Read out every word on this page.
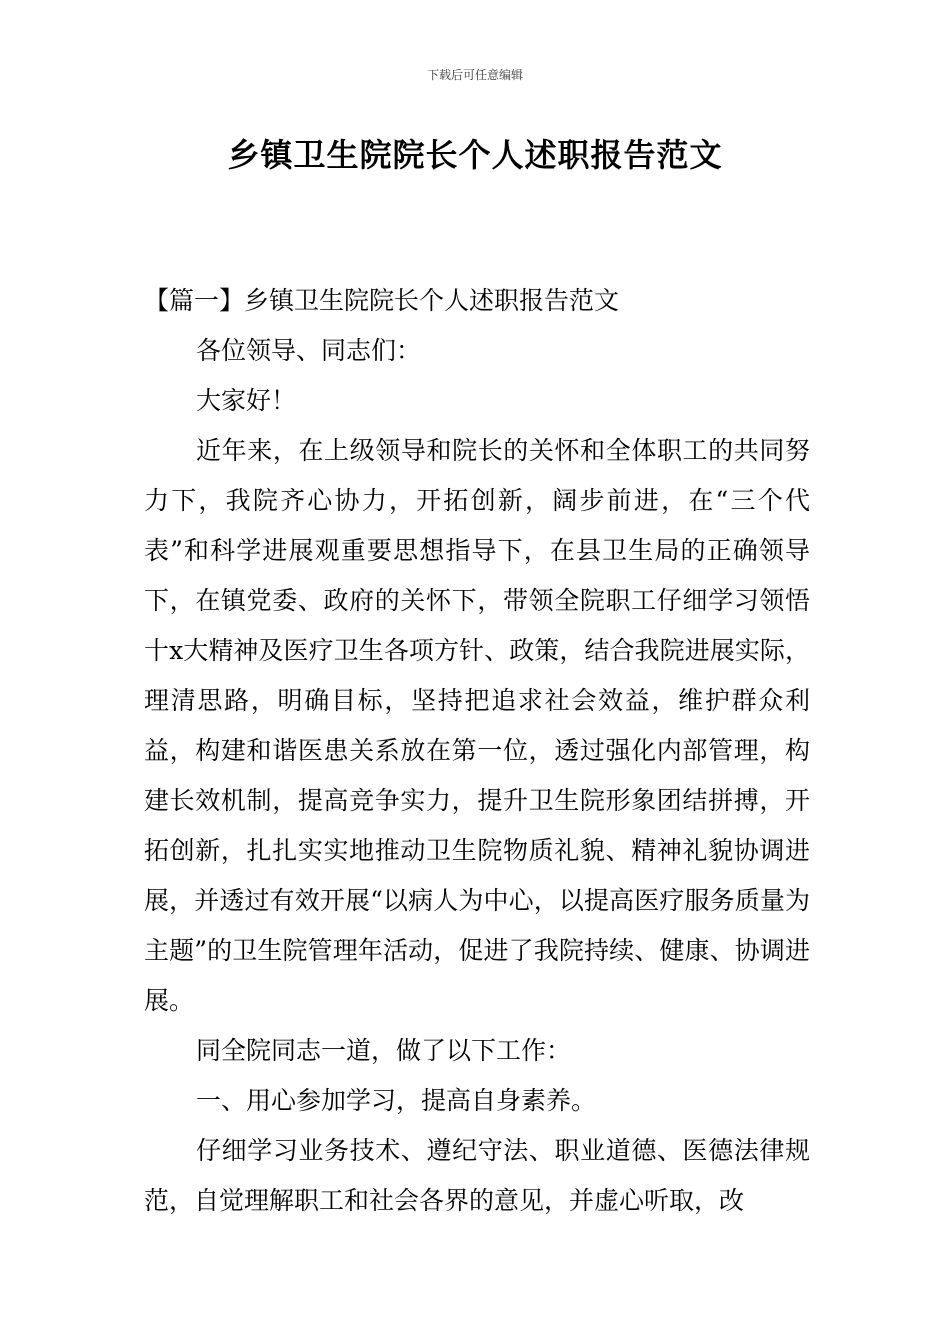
下载后可任意编辑
乡镇卫生院院长个人述职报告范文

【篇一】乡镇卫生院院长个人述职报告范文

各位领导、同志们：

大家好！

近年来，在上级领导和院长的关怀和全体职工的共同努力下，我院齐心协力，开拓创新，阔步前进，在“三个代表”和科学进展观重要思想指导下，在县卫生局的正确领导下，在镇党委、政府的关怀下，带领全院职工仔细学习领悟十x大精神及医疗卫生各项方针、政策，结合我院进展实际，理清思路，明确目标，坚持把追求社会效益，维护群众利益，构建和谐医患关系放在第一位，透过强化内部管理，构建长效机制，提高竞争实力，提升卫生院形象团结拼搏，开拓创新，扎扎实实地推动卫生院物质礼貌、精神礼貌协调进展，并透过有效开展“以病人为中心，以提高医疗服务质量为主题”的卫生院管理年活动，促进了我院持续、健康、协调进展。

同全院同志一道，做了以下工作：

一、用心参加学习，提高自身素养。

仔细学习业务技术、遵纪守法、职业道德、医德法律规范，自觉理解职工和社会各界的意见，并虚心听取，改
